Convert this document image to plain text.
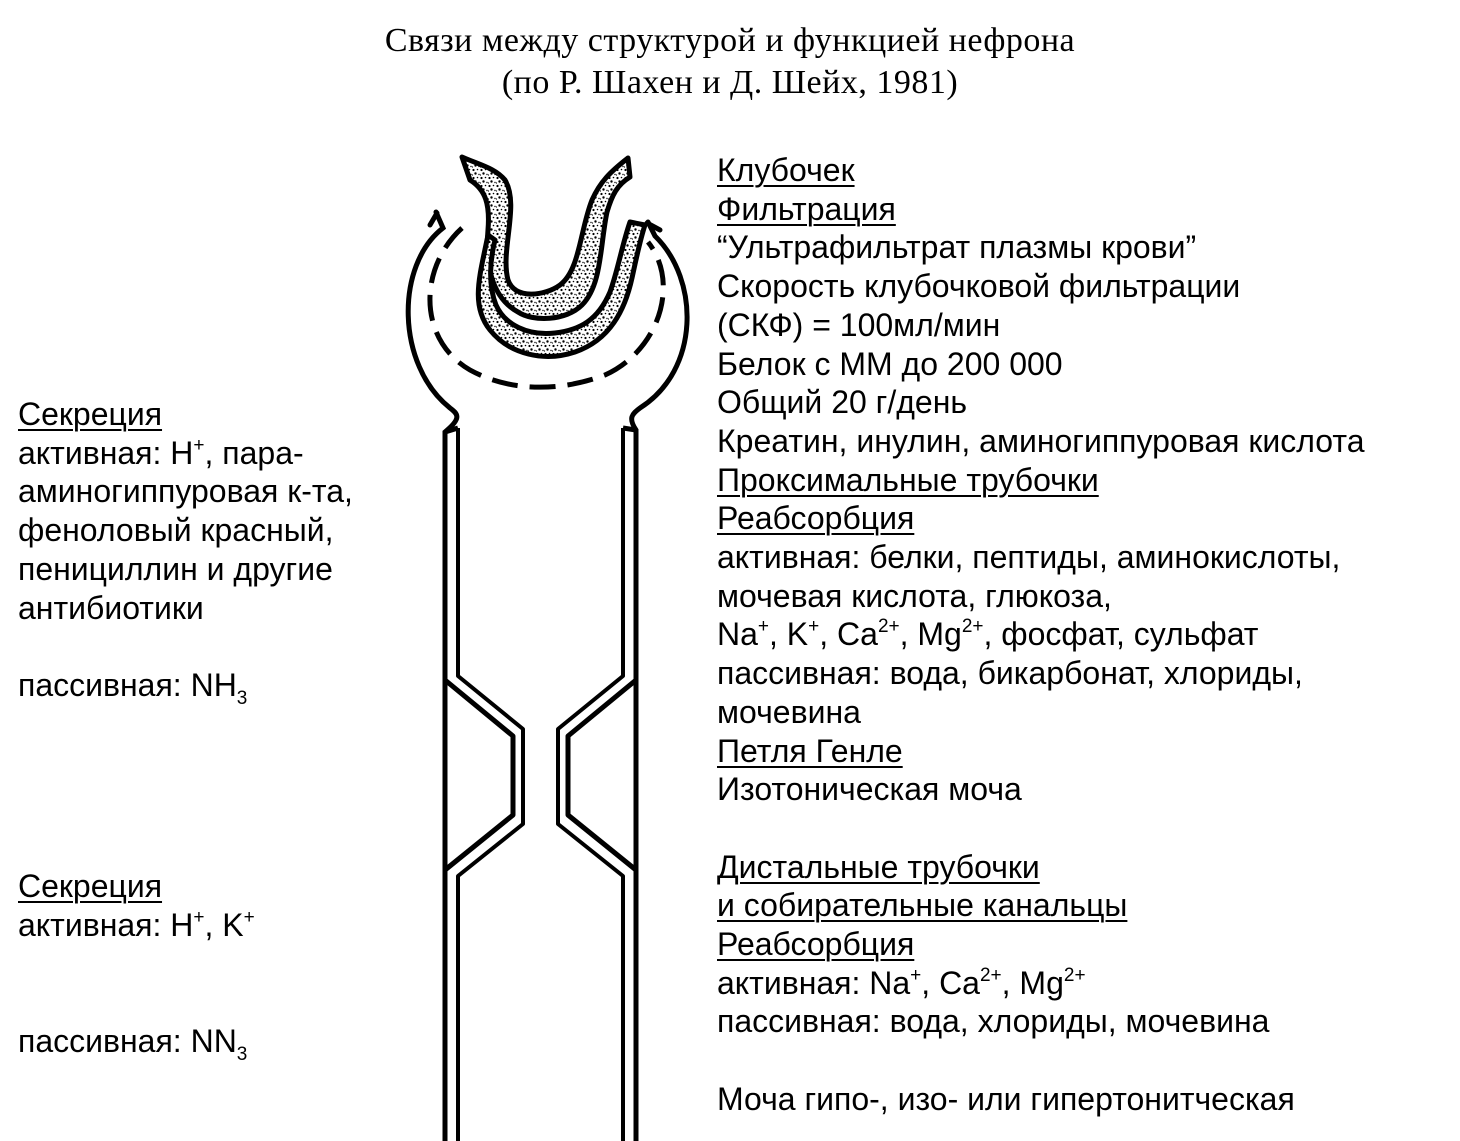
Связи между структурой и функцией нефрона
(по Р. Шахен и Д. Шейх, 1981)
Секреция
активная: H+, пара-
аминогиппуровая к-та,
феноловый красный,
пенициллин и другие
антибиотики
пассивная: $NH_3$
Секреция
активная: H+, K+
пассивная: $NN_3$
Клубочек
Фильтрация
“Ультрафильтрат плазмы крови”
Скорость клубочковой фильтрации
(СКФ) = 100мл/мин
Белок с ММ до 200 000
Общий 20 г/день
Креатин, инулин, аминогиппуровая кислота
Проксимальные трубочки
Реабсорбция
активная: белки, пептиды, аминокислоты,
мочевая кислота, глюкоза,
Na+, K+, $Ca^{2+}$, $Mg^{2+}$, фосфат, сульфат
пассивная: вода, бикарбонат, хлориды,
мочевина
Петля Генле
Изотоническая моча
Дистальные трубочки
и собирательные канальцы
Реабсорбция
активная: Na+, $Ca^{2+}$, $Mg^{2+}$
пассивная: вода, хлориды, мочевина
Моча гипо-, изо- или гипертонитческая
